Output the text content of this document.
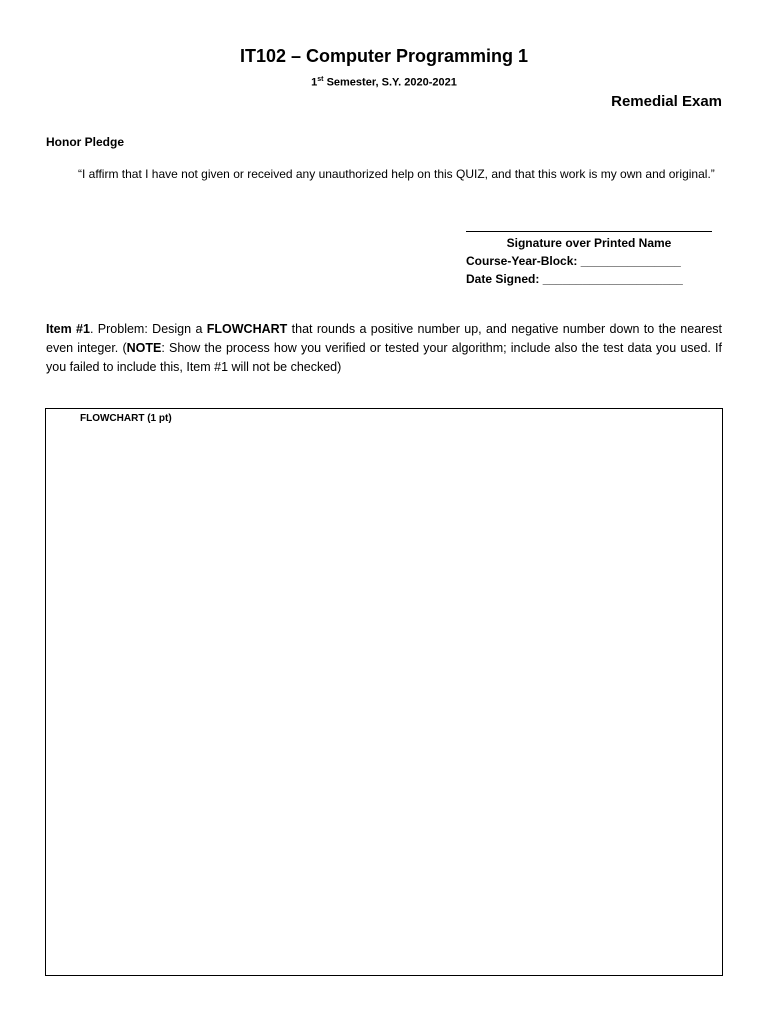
IT102 – Computer Programming 1
1st Semester, S.Y. 2020-2021
Remedial Exam
Honor Pledge
“I affirm that I have not given or received any unauthorized help on this QUIZ, and that this work is my own and original.”
Signature over Printed Name
Course-Year-Block: _______________
Date Signed: _____________________
Item #1. Problem: Design a FLOWCHART that rounds a positive number up, and negative number down to the nearest even integer. (NOTE: Show the process how you verified or tested your algorithm; include also the test data you used. If you failed to include this, Item #1 will not be checked)
FLOWCHART (1 pt)
